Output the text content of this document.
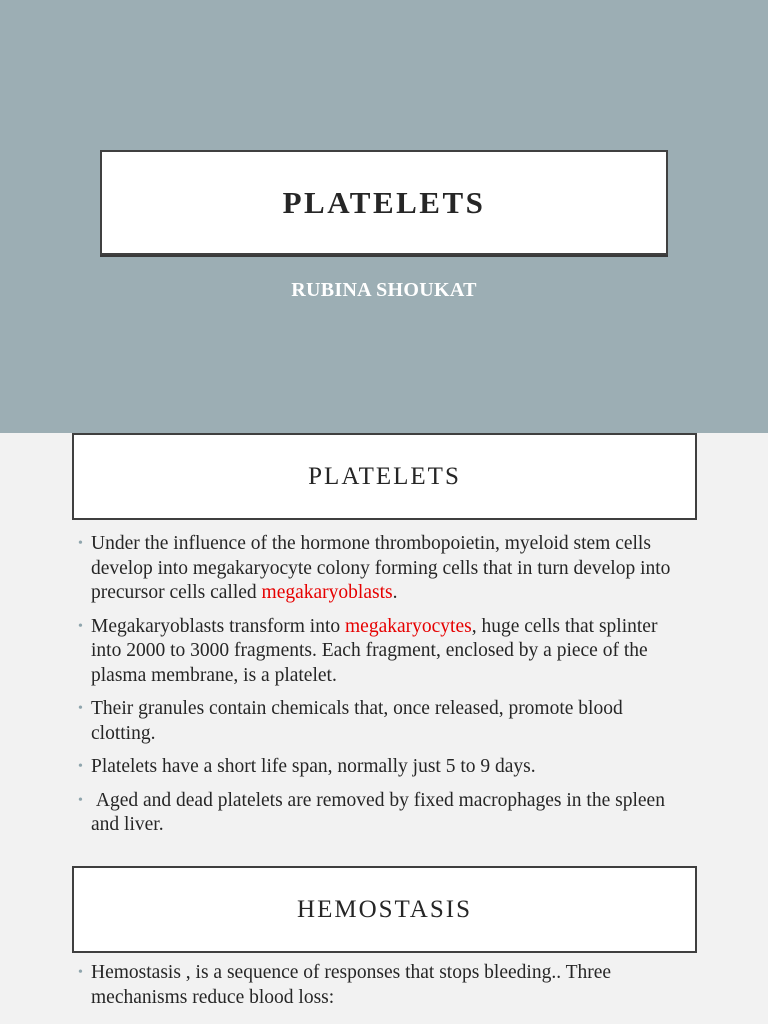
PLATELETS
RUBINA SHOUKAT
PLATELETS
• Under the influence of the hormone thrombopoietin, myeloid stem cells develop into megakaryocyte colony forming cells that in turn develop into precursor cells called megakaryoblasts.
• Megakaryoblasts transform into megakaryocytes, huge cells that splinter into 2000 to 3000 fragments. Each fragment, enclosed by a piece of the plasma membrane, is a platelet.
• Their granules contain chemicals that, once released, promote blood clotting.
• Platelets have a short life span, normally just 5 to 9 days.
• Aged and dead platelets are removed by fixed macrophages in the spleen and liver.
HEMOSTASIS
• Hemostasis , is a sequence of responses that stops bleeding.. Three mechanisms reduce blood loss:
